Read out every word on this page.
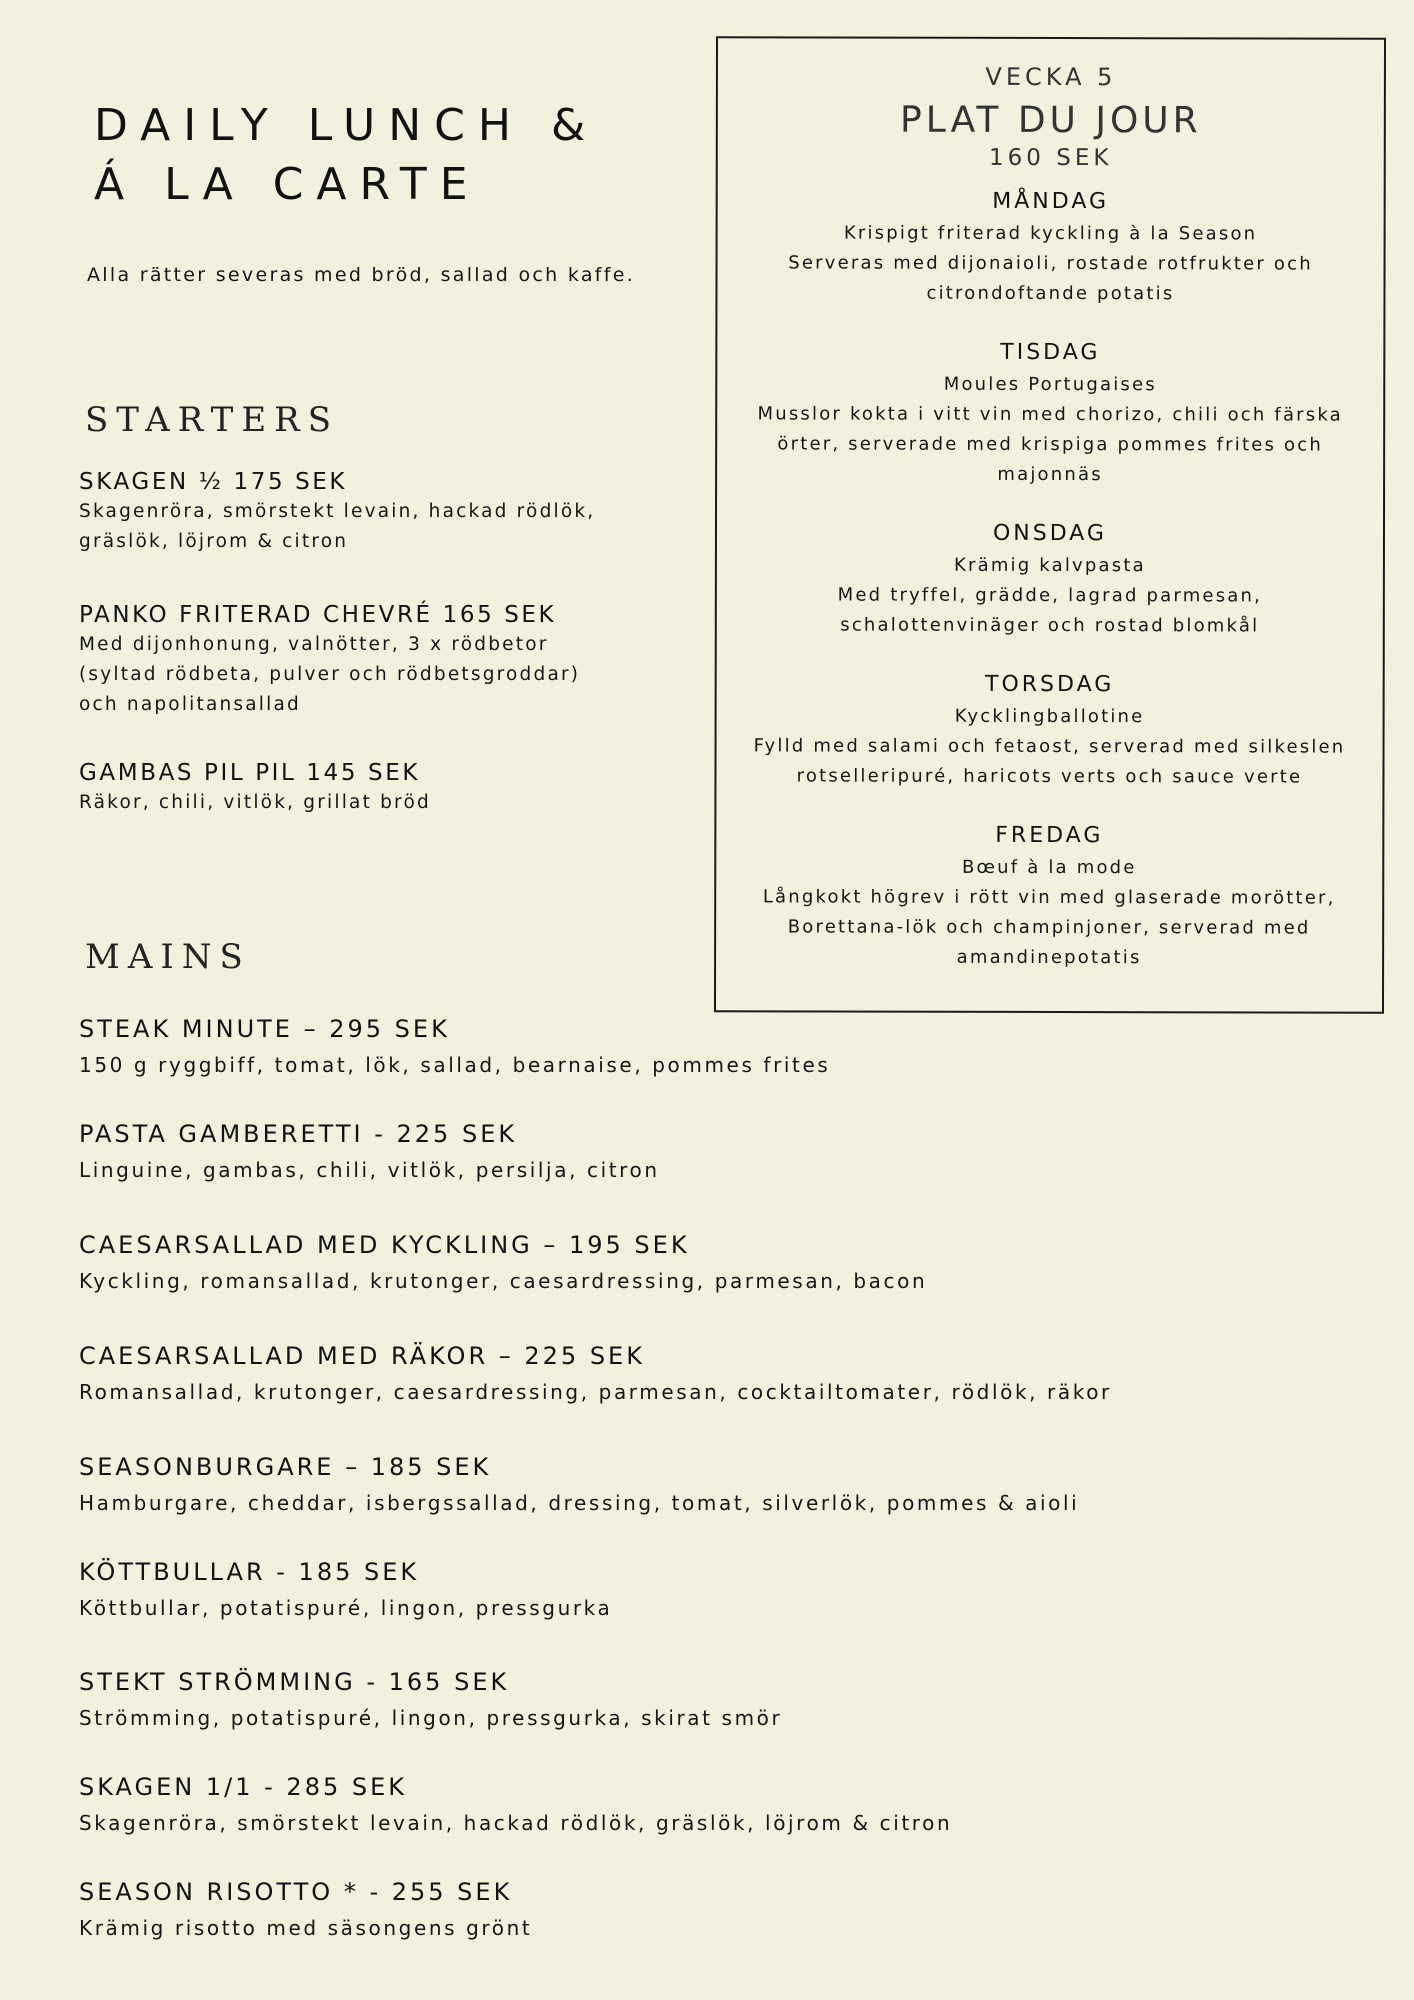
DAILY LUNCH &
Á LA CARTE

Alla rätter severas med bröd, sallad och kaffe.

STARTERS
SKAGEN ½ 175 SEK
Skagenröra, smörstekt levain, hackad rödlök,
gräslök, löjrom & citron
PANKO FRITERAD CHEVRÉ 165 SEK
Med dijonhonung, valnötter, 3 x rödbetor
(syltad rödbeta, pulver och rödbetsgroddar)
och napolitansallad
GAMBAS PIL PIL 145 SEK
Räkor, chili, vitlök, grillat bröd
MAINS
STEAK MINUTE – 295 SEK
150 g ryggbiff, tomat, lök, sallad, bearnaise, pommes frites
PASTA GAMBERETTI - 225 SEK
Linguine, gambas, chili, vitlök, persilja, citron
CAESARSALLAD MED KYCKLING – 195 SEK
Kyckling, romansallad, krutonger, caesardressing, parmesan, bacon
CAESARSALLAD MED RÄKOR – 225 SEK
Romansallad, krutonger, caesardressing, parmesan, cocktailtomater, rödlök, räkor
SEASONBURGARE – 185 SEK
Hamburgare, cheddar, isbergssallad, dressing, tomat, silverlök, pommes & aioli
KÖTTBULLAR - 185 SEK
Köttbullar, potatispuré, lingon, pressgurka
STEKT STRÖMMING - 165 SEK
Strömming, potatispuré, lingon, pressgurka, skirat smör
SKAGEN 1/1 - 285 SEK
Skagenröra, smörstekt levain, hackad rödlök, gräslök, löjrom & citron
SEASON RISOTTO * - 255 SEK
Krämig risotto med säsongens grönt
VECKA 5
PLAT DU JOUR
160 SEK
MÅNDAG
Krispigt friterad kyckling à la Season
Serveras med dijonaioli, rostade rotfrukter och
citrondoftande potatis
TISDAG
Moules Portugaises
Musslor kokta i vitt vin med chorizo, chili och färska
örter, serverade med krispiga pommes frites och
majonnäs
ONSDAG
Krämig kalvpasta
Med tryffel, grädde, lagrad parmesan,
schalottenvinäger och rostad blomkål
TORSDAG
Kycklingballotine
Fylld med salami och fetaost, serverad med silkeslen
rotselleripuré, haricots verts och sauce verte
FREDAG
Bœuf à la mode
Långkokt högrev i rött vin med glaserade morötter,
Borettana-lök och champinjoner, serverad med
amandinepotatis
